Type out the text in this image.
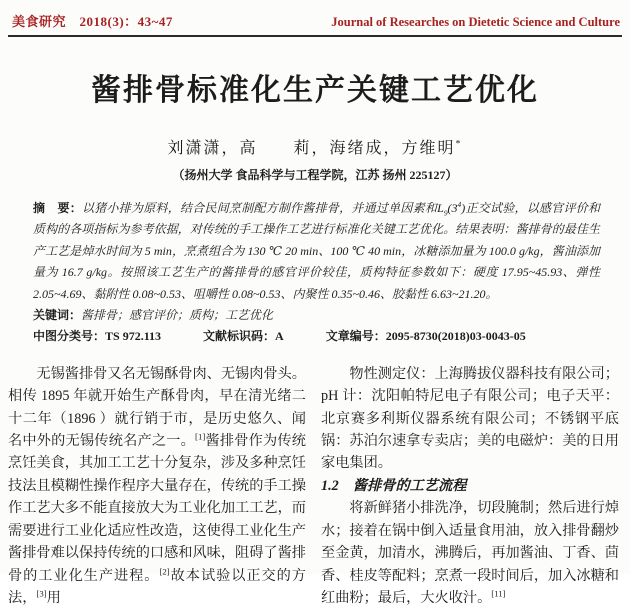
美食研究　2018(3)：43~47	Journal of Researches on Dietetic Science and Culture
酱排骨标准化生产关键工艺优化
刘潇潇，高　　莉，海绪成，方维明*
（扬州大学 食品科学与工程学院，江苏 扬州 225127）
摘　要：以猪小排为原料，结合民间烹制配方制作酱排骨，并通过单因素和$L_9(3^4)$正交试验，以感官评价和质构的各项指标为参考依据，对传统的手工操作工艺进行标准化关键工艺优化。结果表明：酱排骨的最佳生产工艺是焯水时间为 5 min，烹煮组合为 130 ℃ 20 min、100 ℃ 40 min，冰糖添加量为 100.0 g/kg，酱油添加量为 16.7 g/kg。按照该工艺生产的酱排骨的感官评价较佳，质构特征参数如下：硬度 17.95~45.93、弹性 2.05~4.69、黏附性 0.08~0.53、咀嚼性 0.08~0.53、内聚性 0.35~0.46、胶黏性 6.63~21.20。
关键词：酱排骨；感官评价；质构；工艺优化
中图分类号：TS 972.113	文献标识码：A	文章编号：2095-8730(2018)03-0043-05

无锡酱排骨又名无锡酥骨肉、无锡肉骨头。相传 1895 年就开始生产酥骨肉，早在清光绪二十二年（1896 ）就行销于市，是历史悠久、闻名中外的无锡传统名产之一。[1]酱排骨作为传统烹饪美食，其加工工艺十分复杂，涉及多种烹饪技法且模糊性操作程序大量存在，传统的手工操作工艺大多不能直接放大为工业化加工工艺，而需要进行工业化适应性改造，这使得工业化生产酱排骨难以保持传统的口感和风味，阻碍了酱排骨的工业化生产进程。[2]故本试验以正交的方法，[3]用

物性测定仪：上海腾拔仪器科技有限公司；pH 计：沈阳帕特尼电子有限公司；电子天平：北京赛多利斯仪器系统有限公司；不锈钢平底锅：苏泊尔速拿专卖店；美的电磁炉：美的日用家电集团。

1.2　酱排骨的工艺流程

将新鲜猪小排洗净，切段腌制；然后进行焯水；接着在锅中倒入适量食用油，放入排骨翻炒至金黄，加清水，沸腾后，再加酱油、丁香、茴香、桂皮等配料；烹煮一段时间后，加入冰糖和红曲粉；最后，大火收汁。[11]
